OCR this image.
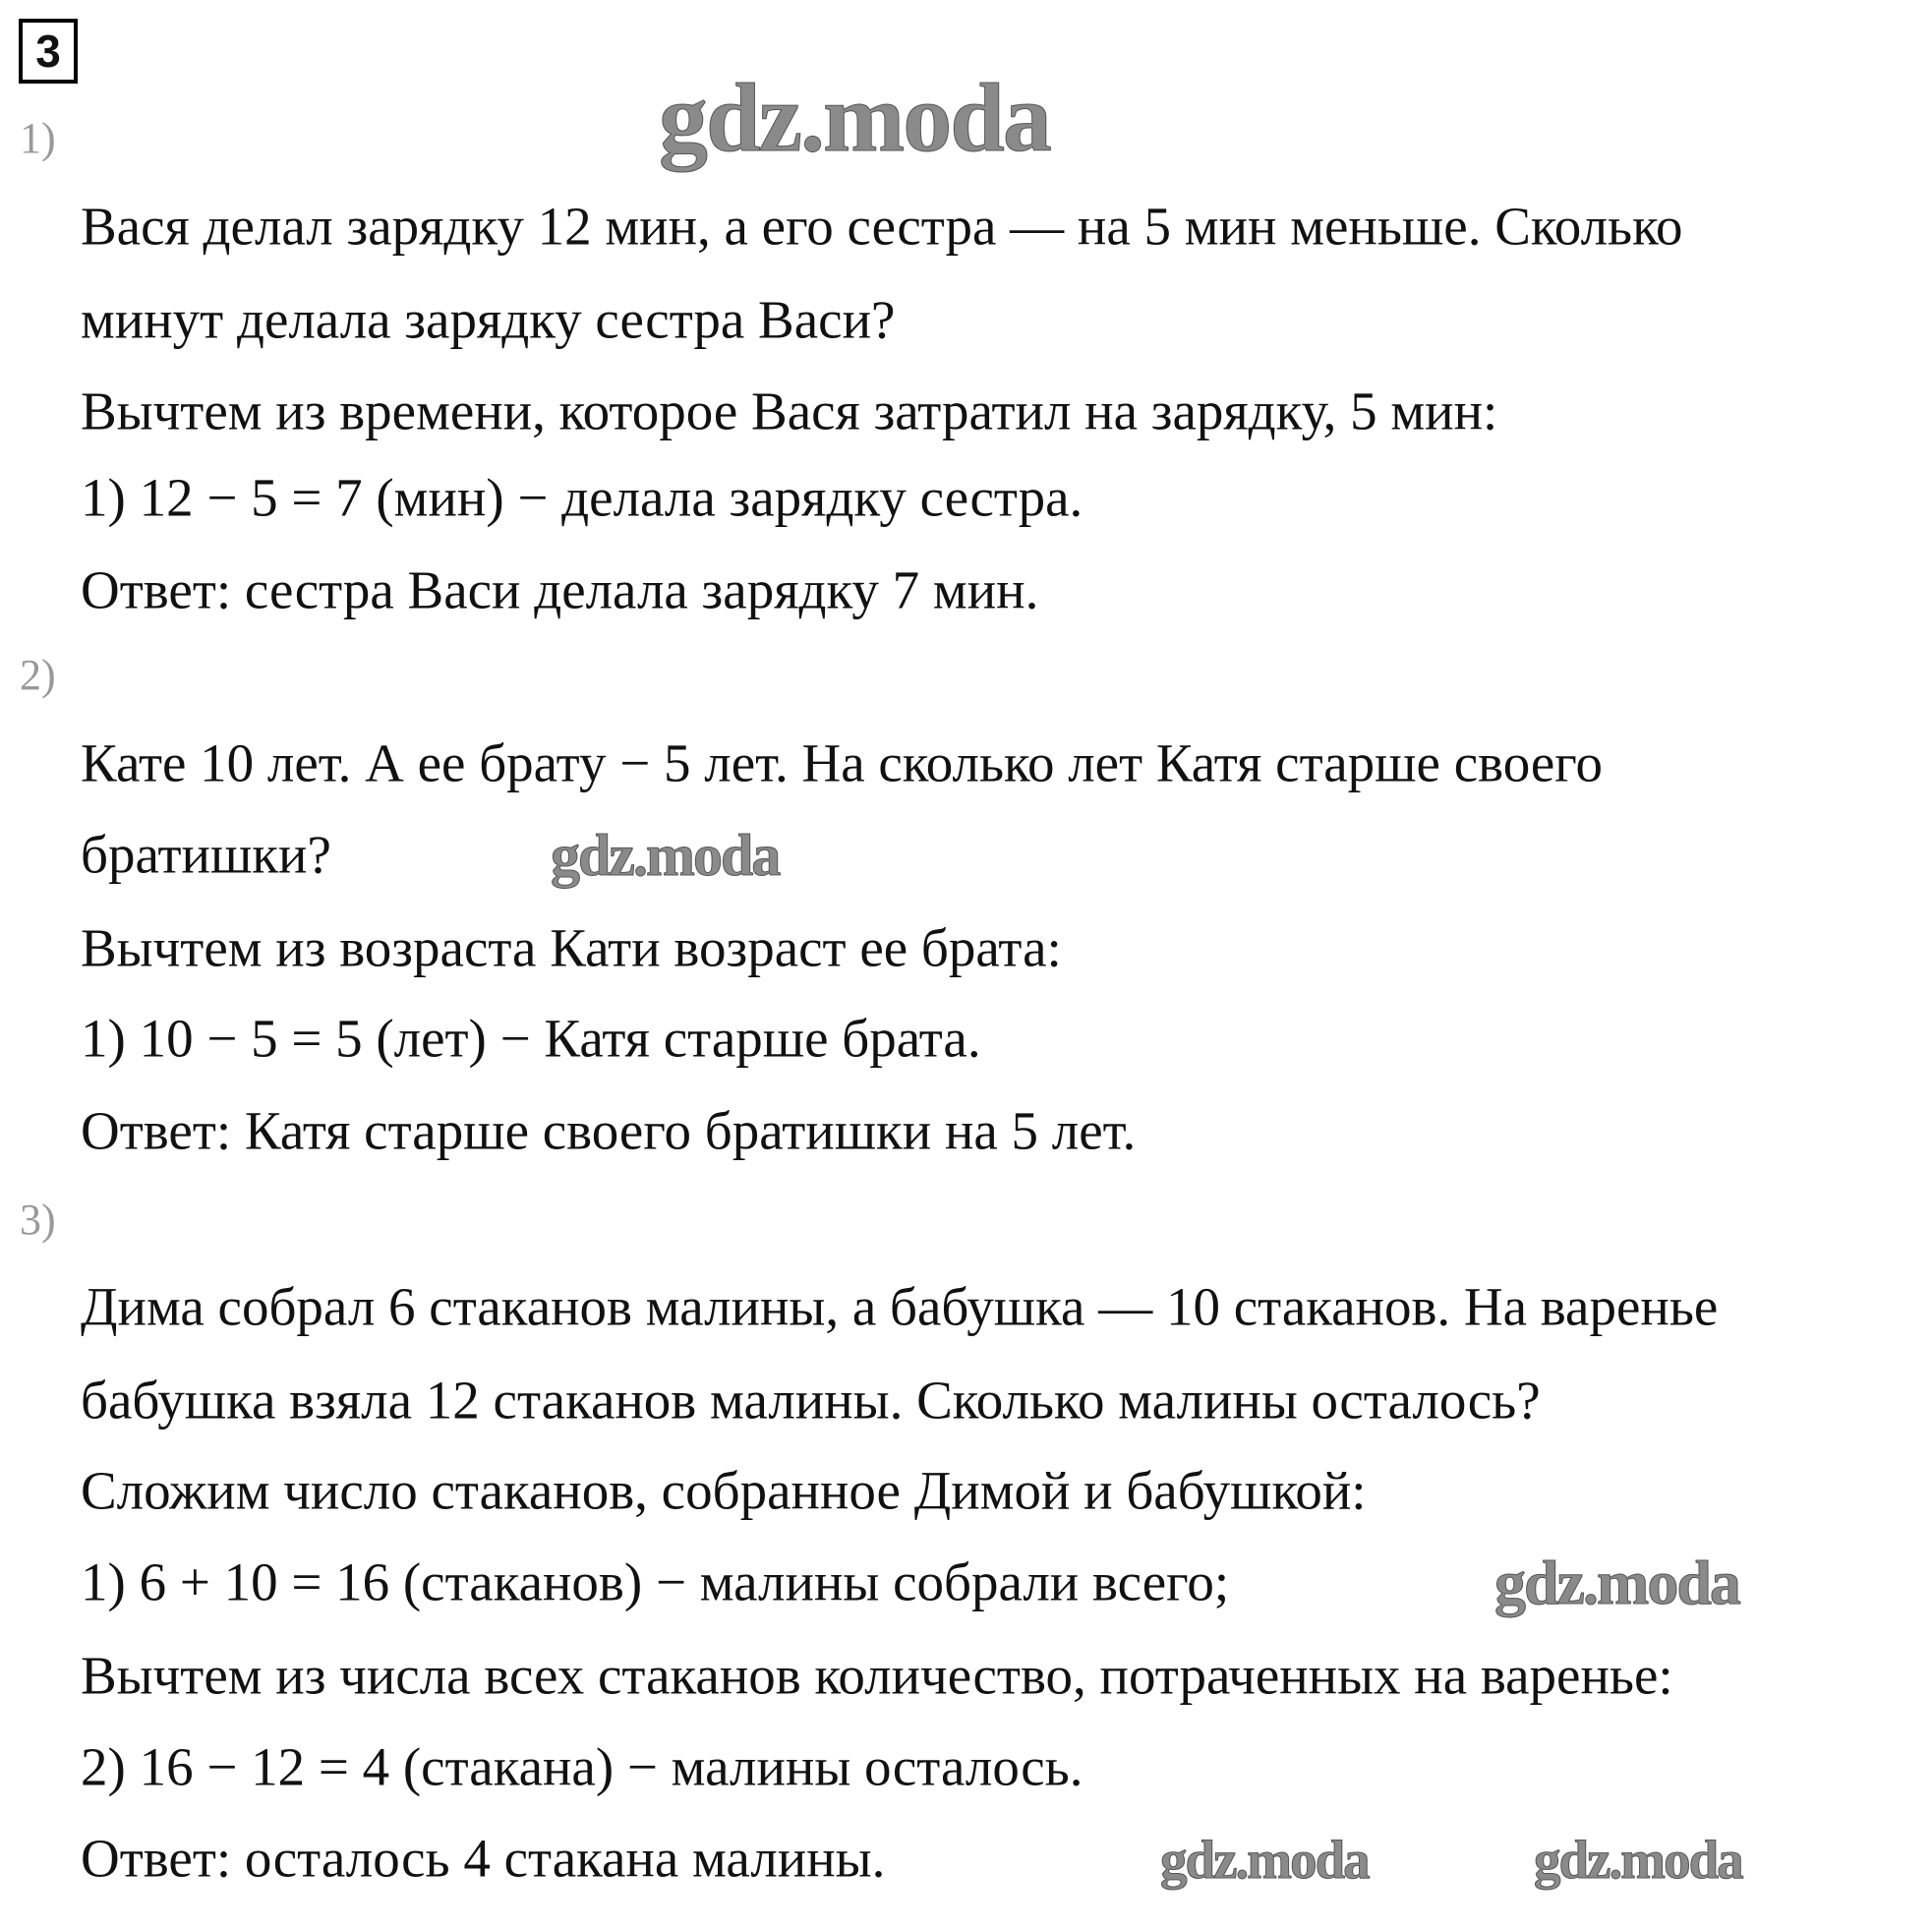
3
1)
Вася делал зарядку 12 мин, а его сестра — на 5 мин меньше. Сколько
минут делала зарядку сестра Васи?
Вычтем из времени, которое Вася затратил на зарядку, 5 мин:
1) 12 − 5 = 7 (мин) − делала зарядку сестра.
Ответ: сестра Васи делала зарядку 7 мин.
2)
Кате 10 лет. А ее брату − 5 лет. На сколько лет Катя старше своего
братишки?
Вычтем из возраста Кати возраст ее брата:
1) 10 − 5 = 5 (лет) − Катя старше брата.
Ответ: Катя старше своего братишки на 5 лет.
3)
Дима собрал 6 стаканов малины, а бабушка — 10 стаканов. На варенье
бабушка взяла 12 стаканов малины. Сколько малины осталось?
Сложим число стаканов, собранное Димой и бабушкой:
1) 6 + 10 = 16 (стаканов) − малины собрали всего;
Вычтем из числа всех стаканов количество, потраченных на варенье:
2) 16 − 12 = 4 (стакана) − малины осталось.
Ответ: осталось 4 стакана малины.
gdz.moda
gdz.moda
gdz.moda
gdz.moda	gdz.moda
